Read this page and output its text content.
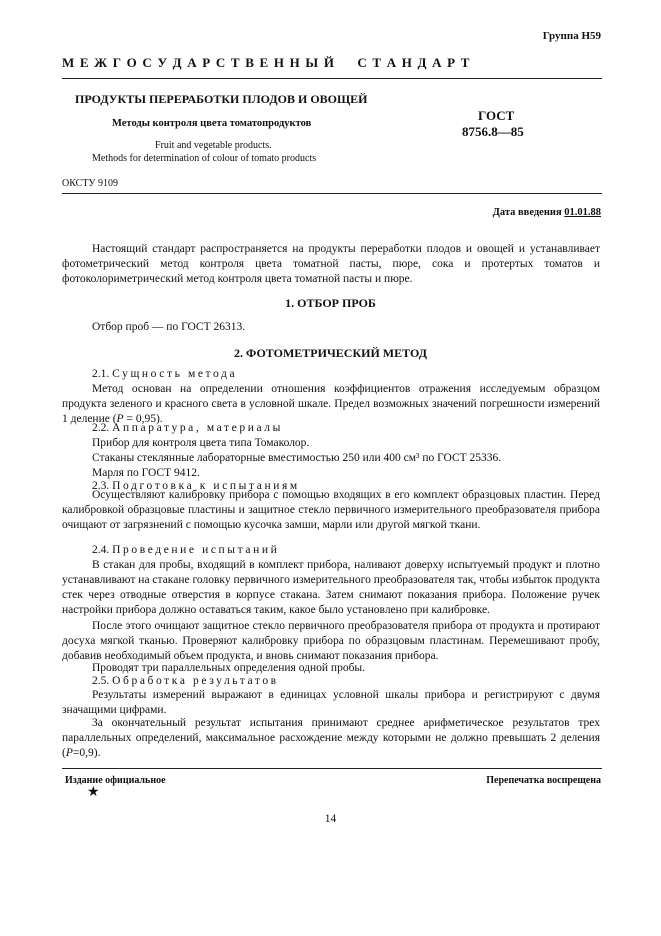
Группа Н59
М Е Ж Г О С У Д А Р С Т В Е Н Н Ы Й     С Т А Н Д А Р Т
ПРОДУКТЫ ПЕРЕРАБОТКИ ПЛОДОВ И ОВОЩЕЙ
Методы контроля цвета томатопродуктов
Fruit and vegetable products.
Methods for determination of colour of tomato products
ГОСТ
8756.8—85
ОКСТУ 9109
Дата введения 01.01.88
Настоящий стандарт распространяется на продукты переработки плодов и овощей и устанавливает фотометрический метод контроля цвета томатной пасты, пюре, сока и протертых томатов и фотоколориметрический метод контроля цвета томатной пасты и пюре.
1. ОТБОР ПРОБ
Отбор проб — по ГОСТ 26313.
2. ФОТОМЕТРИЧЕСКИЙ МЕТОД
2.1. Сущность метода
Метод основан на определении отношения коэффициентов отражения исследуемым образцом продукта зеленого и красного света в условной шкале. Предел возможных значений погрешности измерений 1 деление (P = 0,95).
2.2. Аппаратура, материалы
Прибор для контроля цвета типа Томаколор.
Стаканы стеклянные лабораторные вместимостью 250 или 400 см³ по ГОСТ 25336.
Марля по ГОСТ 9412.
2.3. Подготовка к испытаниям
Осуществляют калибровку прибора с помощью входящих в его комплект образцовых пластин. Перед калибровкой образцовые пластины и защитное стекло первичного измерительного преобразователя прибора очищают от загрязнений с помощью кусочка замши, марли или другой мягкой ткани.
2.4. Проведение испытаний
В стакан для пробы, входящий в комплект прибора, наливают доверху испытуемый продукт и плотно устанавливают на стакане головку первичного измерительного преобразователя так, чтобы избыток продукта стек через отводные отверстия в корпусе стакана. Затем снимают показания прибора. Положение ручек настройки прибора должно оставаться таким, какое было установлено при калибровке.
После этого очищают защитное стекло первичного преобразователя прибора от продукта и протирают досуха мягкой тканью. Проверяют калибровку прибора по образцовым пластинам. Перемешивают пробу, добавив необходимый объем продукта, и вновь снимают показания прибора.
Проводят три параллельных определения одной пробы.
2.5. Обработка результатов
Результаты измерений выражают в единицах условной шкалы прибора и регистрируют с двумя значащими цифрами.
За окончательный результат испытания принимают среднее арифметическое результатов трех параллельных определений, максимальное расхождение между которыми не должно превышать 2 деления (P=0,9).
Издание официальное	Перепечатка воспрещена
★
14
